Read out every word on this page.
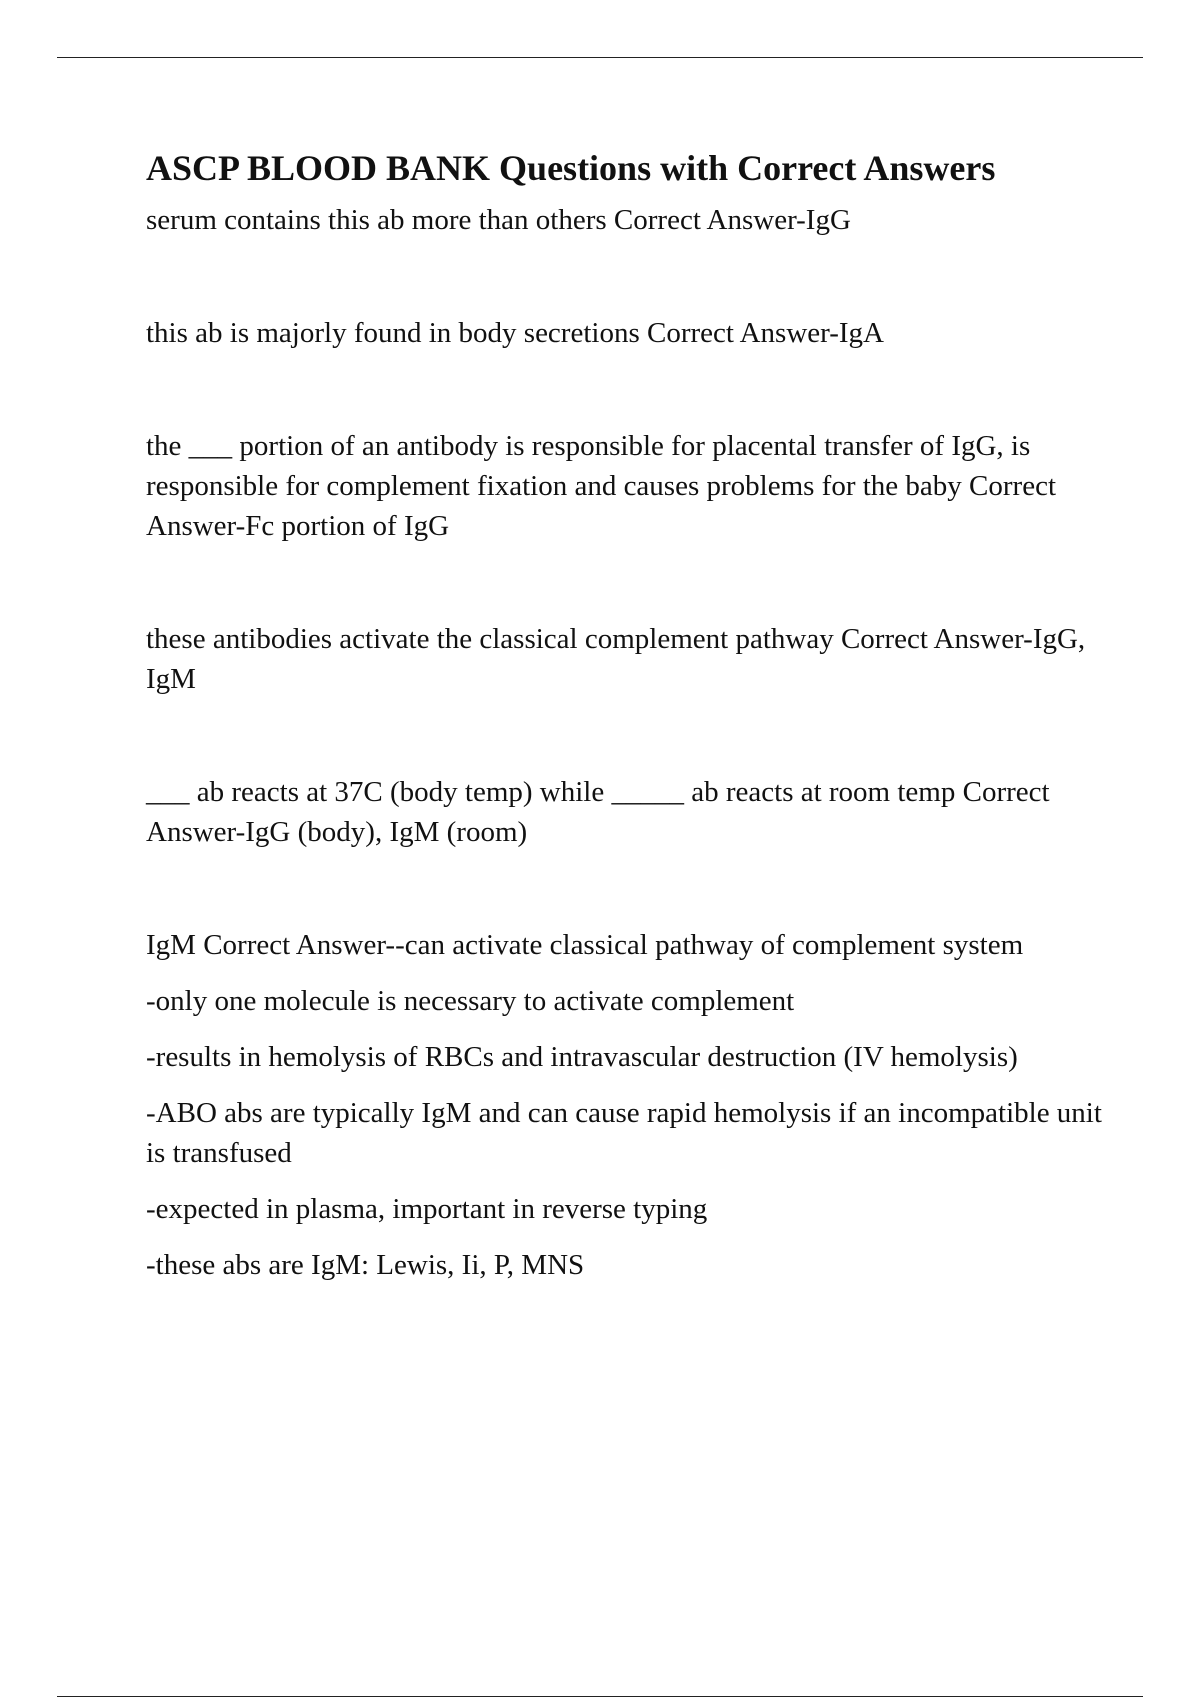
ASCP BLOOD BANK Questions with Correct Answers

serum contains this ab more than others Correct Answer-IgG

this ab is majorly found in body secretions Correct Answer-IgA

the ___ portion of an antibody is responsible for placental transfer of IgG, is responsible for complement fixation and causes problems for the baby Correct Answer-Fc portion of IgG

these antibodies activate the classical complement pathway Correct Answer-IgG, IgM

___ ab reacts at 37C (body temp) while _____ ab reacts at room temp Correct Answer-IgG (body), IgM (room)

IgM Correct Answer--can activate classical pathway of complement system

-only one molecule is necessary to activate complement

-results in hemolysis of RBCs and intravascular destruction (IV hemolysis)

-ABO abs are typically IgM and can cause rapid hemolysis if an incompatible unit is transfused

-expected in plasma, important in reverse typing

-these abs are IgM: Lewis, Ii, P, MNS
